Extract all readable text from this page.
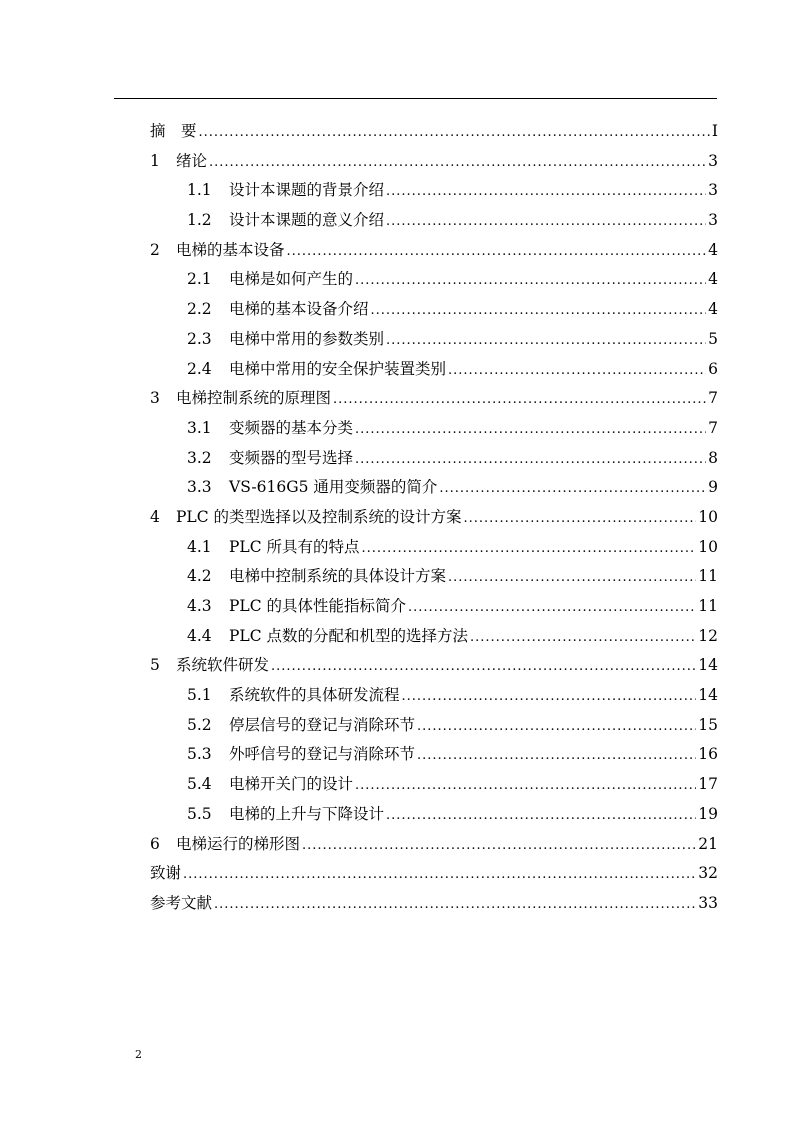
摘　要 .....	I
1	绪论 .....	3
1.1	设计本课题的背景介绍 .....	3
1.2	设计本课题的意义介绍 .....	3
2	电梯的基本设备 .....	4
2.1	电梯是如何产生的 .....	4
2.2	电梯的基本设备介绍 .....	4
2.3	电梯中常用的参数类别 .....	5
2.4	电梯中常用的安全保护装置类别 .....	6
3	电梯控制系统的原理图 .....	7
3.1	变频器的基本分类 .....	7
3.2	变频器的型号选择 .....	8
3.3	VS-616G5 通用变频器的简介 .....	9
4	PLC 的类型选择以及控制系统的设计方案 .....	10
4.1	PLC 所具有的特点 .....	10
4.2	电梯中控制系统的具体设计方案 .....	11
4.3	PLC 的具体性能指标简介 .....	11
4.4	PLC 点数的分配和机型的选择方法 .....	12
5	系统软件研发 .....	14
5.1	系统软件的具体研发流程 .....	14
5.2	停层信号的登记与消除环节 .....	15
5.3	外呼信号的登记与消除环节 .....	16
5.4	电梯开关门的设计 .....	17
5.5	电梯的上升与下降设计 .....	19
6	电梯运行的梯形图 .....	21
致谢 .....	32
参考文献 .....	33
2
